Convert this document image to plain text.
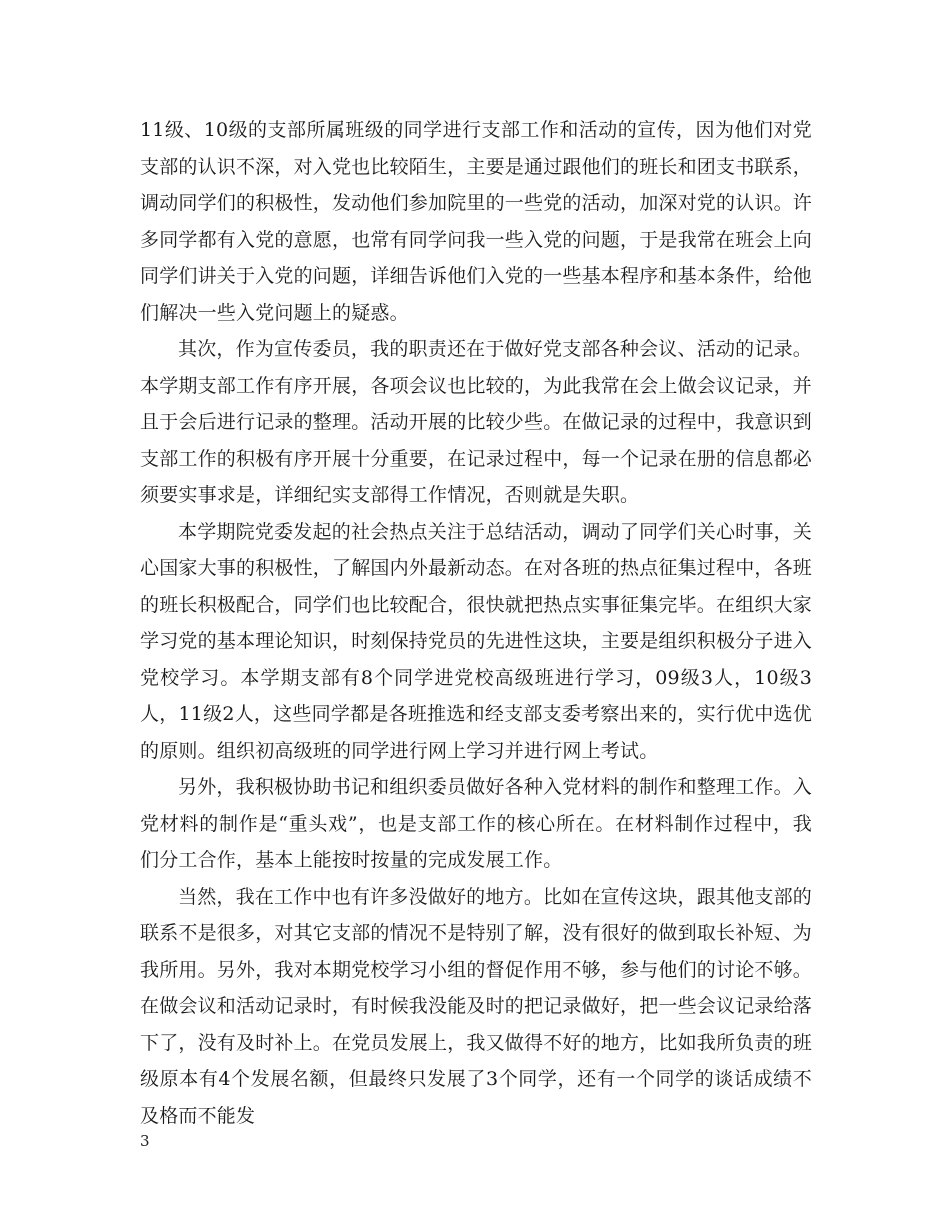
11级、10级的支部所属班级的同学进行支部工作和活动的宣传，因为他们对党支部的认识不深，对入党也比较陌生，主要是通过跟他们的班长和团支书联系，调动同学们的积极性，发动他们参加院里的一些党的活动，加深对党的认识。许多同学都有入党的意愿，也常有同学问我一些入党的问题，于是我常在班会上向同学们讲关于入党的问题，详细告诉他们入党的一些基本程序和基本条件，给他们解决一些入党问题上的疑惑。

其次，作为宣传委员，我的职责还在于做好党支部各种会议、活动的记录。本学期支部工作有序开展，各项会议也比较的，为此我常在会上做会议记录，并且于会后进行记录的整理。活动开展的比较少些。在做记录的过程中，我意识到支部工作的积极有序开展十分重要，在记录过程中，每一个记录在册的信息都必须要实事求是，详细纪实支部得工作情况，否则就是失职。

本学期院党委发起的社会热点关注于总结活动，调动了同学们关心时事，关心国家大事的积极性，了解国内外最新动态。在对各班的热点征集过程中，各班的班长积极配合，同学们也比较配合，很快就把热点实事征集完毕。在组织大家学习党的基本理论知识，时刻保持党员的先进性这块，主要是组织积极分子进入党校学习。本学期支部有8个同学进党校高级班进行学习，09级3人，10级3人，11级2人，这些同学都是各班推选和经支部支委考察出来的，实行优中选优的原则。组织初高级班的同学进行网上学习并进行网上考试。

另外，我积极协助书记和组织委员做好各种入党材料的制作和整理工作。入党材料的制作是“重头戏”，也是支部工作的核心所在。在材料制作过程中，我们分工合作，基本上能按时按量的完成发展工作。

当然，我在工作中也有许多没做好的地方。比如在宣传这块，跟其他支部的联系不是很多，对其它支部的情况不是特别了解，没有很好的做到取长补短、为我所用。另外，我对本期党校学习小组的督促作用不够，参与他们的讨论不够。在做会议和活动记录时，有时候我没能及时的把记录做好，把一些会议记录给落下了，没有及时补上。在党员发展上，我又做得不好的地方，比如我所负责的班级原本有4个发展名额，但最终只发展了3个同学，还有一个同学的谈话成绩不及格而不能发

3
